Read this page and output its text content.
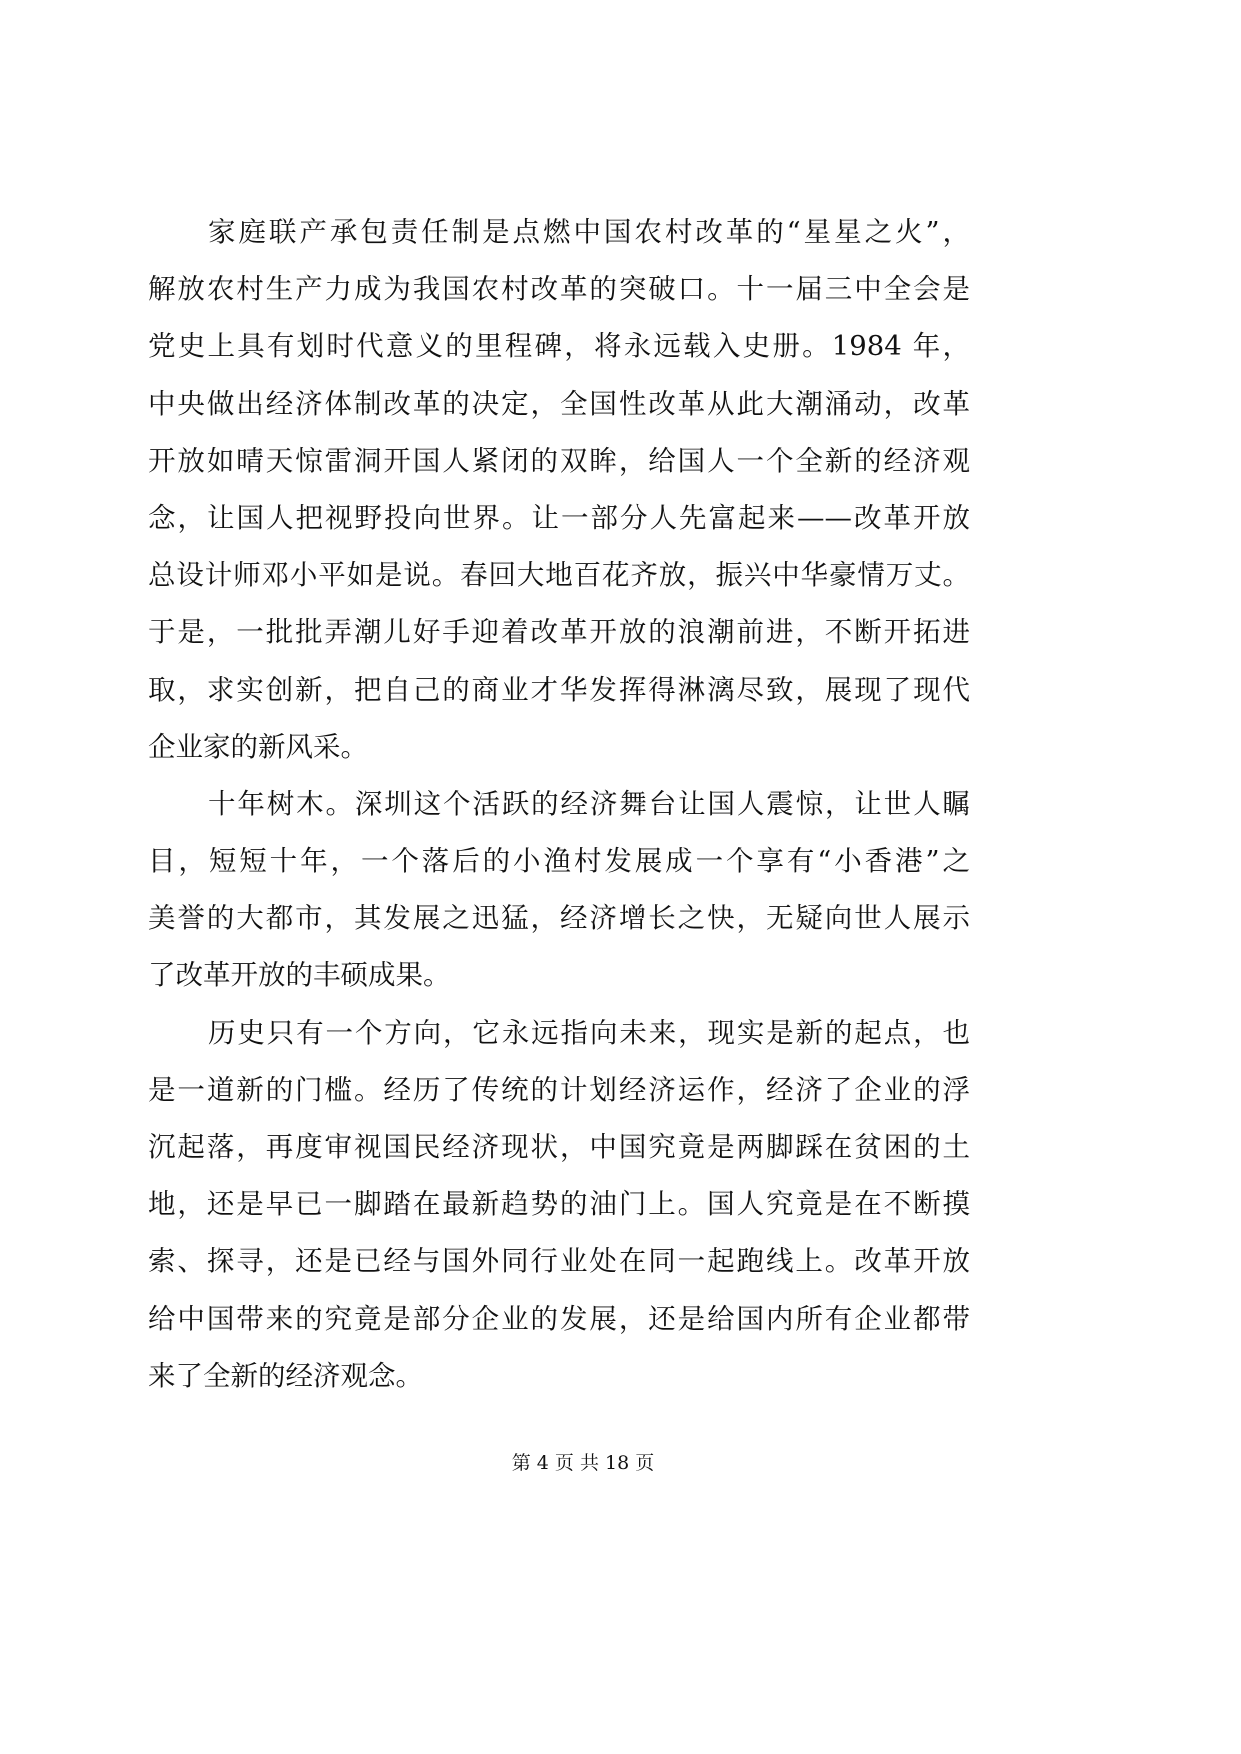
家庭联产承包责任制是点燃中国农村改革的“星星之火”，
解放农村生产力成为我国农村改革的突破口。十一届三中全会是
党史上具有划时代意义的里程碑，将永远载入史册。1984 年，
中央做出经济体制改革的决定，全国性改革从此大潮涌动，改革
开放如晴天惊雷洞开国人紧闭的双眸，给国人一个全新的经济观
念，让国人把视野投向世界。让一部分人先富起来——改革开放
总设计师邓小平如是说。春回大地百花齐放，振兴中华豪情万丈。
于是，一批批弄潮儿好手迎着改革开放的浪潮前进，不断开拓进
取，求实创新，把自己的商业才华发挥得淋漓尽致，展现了现代
企业家的新风采。
十年树木。深圳这个活跃的经济舞台让国人震惊，让世人瞩
目，短短十年，一个落后的小渔村发展成一个享有“小香港”之
美誉的大都市，其发展之迅猛，经济增长之快，无疑向世人展示
了改革开放的丰硕成果。
历史只有一个方向，它永远指向未来，现实是新的起点，也
是一道新的门槛。经历了传统的计划经济运作，经济了企业的浮
沉起落，再度审视国民经济现状，中国究竟是两脚踩在贫困的土
地，还是早已一脚踏在最新趋势的油门上。国人究竟是在不断摸
索、探寻，还是已经与国外同行业处在同一起跑线上。改革开放
给中国带来的究竟是部分企业的发展，还是给国内所有企业都带
来了全新的经济观念。
第 4 页 共 18 页
